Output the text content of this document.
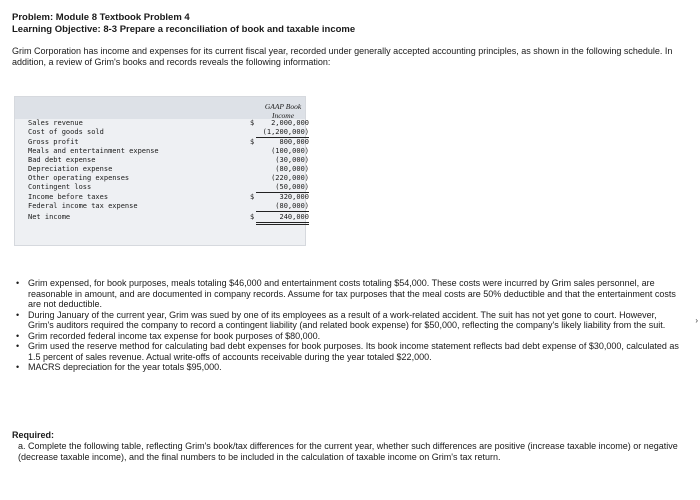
Problem: Module 8 Textbook Problem 4
Learning Objective: 8-3 Prepare a reconciliation of book and taxable income
Grim Corporation has income and expenses for its current fiscal year, recorded under generally accepted accounting principles, as shown in the following schedule. In addition, a review of Grim's books and records reveals the following information:
GAAP Book
Income
Sales revenue	$	2,000,000
Cost of goods sold	(1,200,000)
Gross profit	$	800,000
Meals and entertainment expense	(100,000)
Bad debt expense	(30,000)
Depreciation expense	(80,000)
Other operating expenses	(220,000)
Contingent loss	(50,000)
Income before taxes	$	320,000
Federal income tax expense	(80,000)
Net income	$	240,000
• Grim expensed, for book purposes, meals totaling $46,000 and entertainment costs totaling $54,000. These costs were incurred by Grim sales personnel, are reasonable in amount, and are documented in company records. Assume for tax purposes that the meal costs are 50% deductible and that the entertainment costs are not deductible.
• During January of the current year, Grim was sued by one of its employees as a result of a work-related accident. The suit has not yet gone to court. However, Grim's auditors required the company to record a contingent liability (and related book expense) for $50,000, reflecting the company's likely liability from the suit.
• Grim recorded federal income tax expense for book purposes of $80,000.
• Grim used the reserve method for calculating bad debt expenses for book purposes. Its book income statement reflects bad debt expense of $30,000, calculated as 1.5 percent of sales revenue. Actual write-offs of accounts receivable during the year totaled $22,000.
• MACRS depreciation for the year totals $95,000.
›
Required:
a. Complete the following table, reflecting Grim's book/tax differences for the current year, whether such differences are positive (increase taxable income) or negative (decrease taxable income), and the final numbers to be included in the calculation of taxable income on Grim's tax return.
